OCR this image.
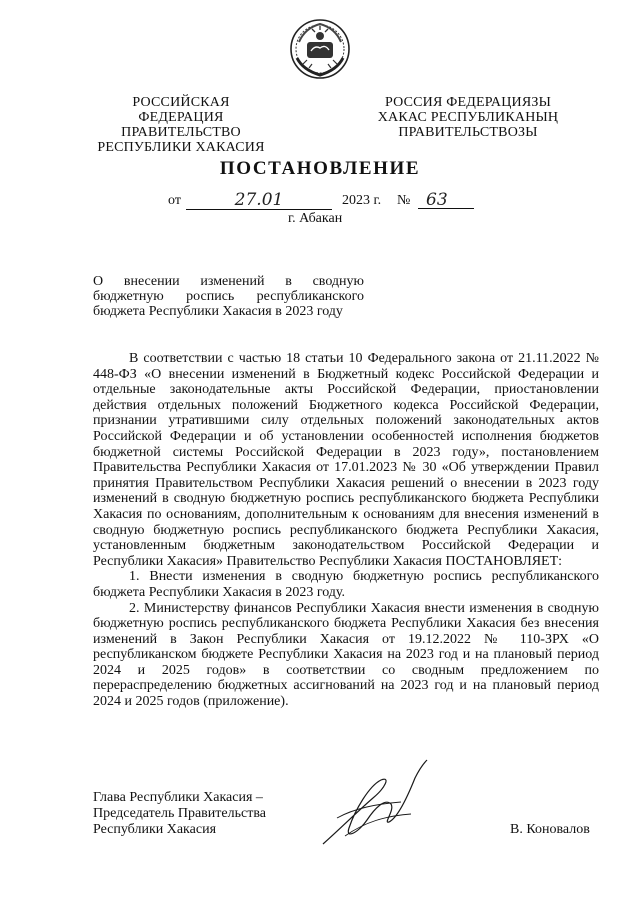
РОССИЙСКАЯ ФЕДЕРАЦИЯ
ПРАВИТЕЛЬСТВО
РЕСПУБЛИКИ ХАКАСИЯ
РОССИЯ ФЕДЕРАЦИЯЗЫ
ХАКАС РЕСПУБЛИКАНЫҢ
ПРАВИТЕЛЬСТВОЗЫ
ПОСТАНОВЛЕНИЕ
от	27.01	2023 г. № 63
г. Абакан
О внесении изменений в сводную бюджетную роспись республиканского бюджета Республики Хакасия в 2023 году

В соответствии с частью 18 статьи 10 Федерального закона от 21.11.2022 № 448-ФЗ «О внесении изменений в Бюджетный кодекс Российской Федерации и отдельные законодательные акты Российской Федерации, приостановлении действия отдельных положений Бюджетного кодекса Российской Федерации, признании утратившими силу отдельных положений законодательных актов Российской Федерации и об установлении особенностей исполнения бюджетов бюджетной системы Российской Федерации в 2023 году», постановлением Правительства Республики Хакасия от 17.01.2023 № 30 «Об утверждении Правил принятия Правительством Республики Хакасия решений о внесении в 2023 году изменений в сводную бюджетную роспись республиканского бюджета Республики Хакасия по основаниям, дополнительным к основаниям для внесения изменений в сводную бюджетную роспись республиканского бюджета Республики Хакасия, установленным бюджетным законодательством Российской Федерации и Республики Хакасия» Правительство Республики Хакасия ПОСТАНОВЛЯЕТ:

1. Внести изменения в сводную бюджетную роспись республиканского бюджета Республики Хакасия в 2023 году.

2. Министерству финансов Республики Хакасия внести изменения в сводную бюджетную роспись республиканского бюджета Республики Хакасия без внесения изменений в Закон Республики Хакасия от 19.12.2022 № 110-ЗРХ «О республиканском бюджете Республики Хакасия на 2023 год и на плановый период 2024 и 2025 годов» в соответствии со сводным предложением по перераспределению бюджетных ассигнований на 2023 год и на плановый период 2024 и 2025 годов (приложение).

Глава Республики Хакасия –
Председатель Правительства
Республики Хакасия	В. Коновалов
